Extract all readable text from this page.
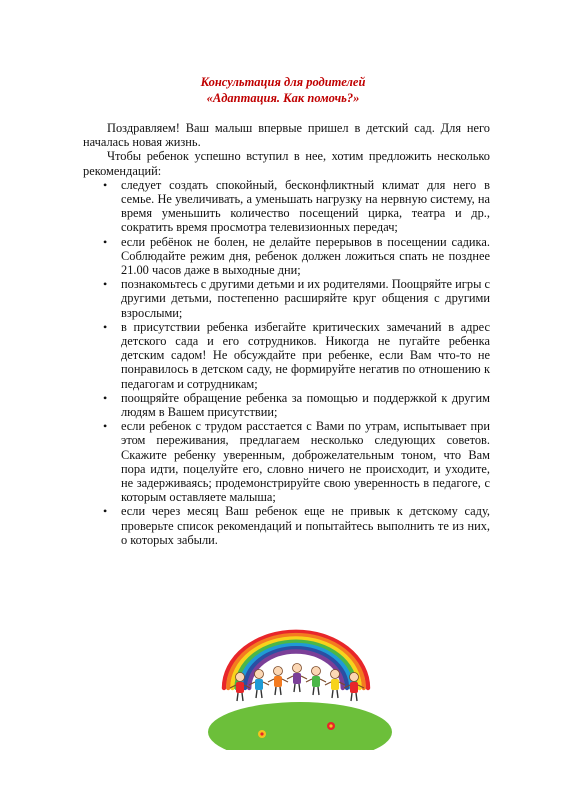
Консультация для родителей
«Адаптация. Как помочь?»

Поздравляем! Ваш малыш впервые пришел в детский сад. Для него началась новая жизнь.

Чтобы ребенок успешно вступил в нее, хотим предложить несколько рекомендаций:

• следует создать спокойный, бесконфликтный климат для него в семье. Не увеличивать, а уменьшать нагрузку на нервную систему, на время уменьшить количество посещений цирка, театра и др., сократить время просмотра телевизионных передач;
• если ребёнок не болен, не делайте перерывов в посещении садика. Соблюдайте режим дня, ребенок должен ложиться спать не позднее 21.00 часов даже в выходные дни;
• познакомьтесь с другими детьми и их родителями. Поощряйте игры с другими детьми, постепенно расширяйте круг общения с другими взрослыми;
• в присутствии ребенка избегайте критических замечаний в адрес детского сада и его сотрудников. Никогда не пугайте ребенка детским садом! Не обсуждайте при ребенке, если Вам что-то не понравилось в детском саду, не формируйте негатив по отношению к педагогам и сотрудникам;
• поощряйте обращение ребенка за помощью и поддержкой к другим людям в Вашем присутствии;
• если ребенок с трудом расстается с Вами по утрам, испытывает при этом переживания, предлагаем несколько следующих советов. Скажите ребенку уверенным, доброжелательным тоном, что Вам пора идти, поцелуйте его, словно ничего не происходит, и уходите, не задерживаясь; продемонстрируйте свою уверенность в педагоге, с которым оставляете малыша;
• если через месяц Ваш ребенок еще не привык к детскому саду, проверьте список рекомендаций и попытайтесь выполнить те из них, о которых забыли.
